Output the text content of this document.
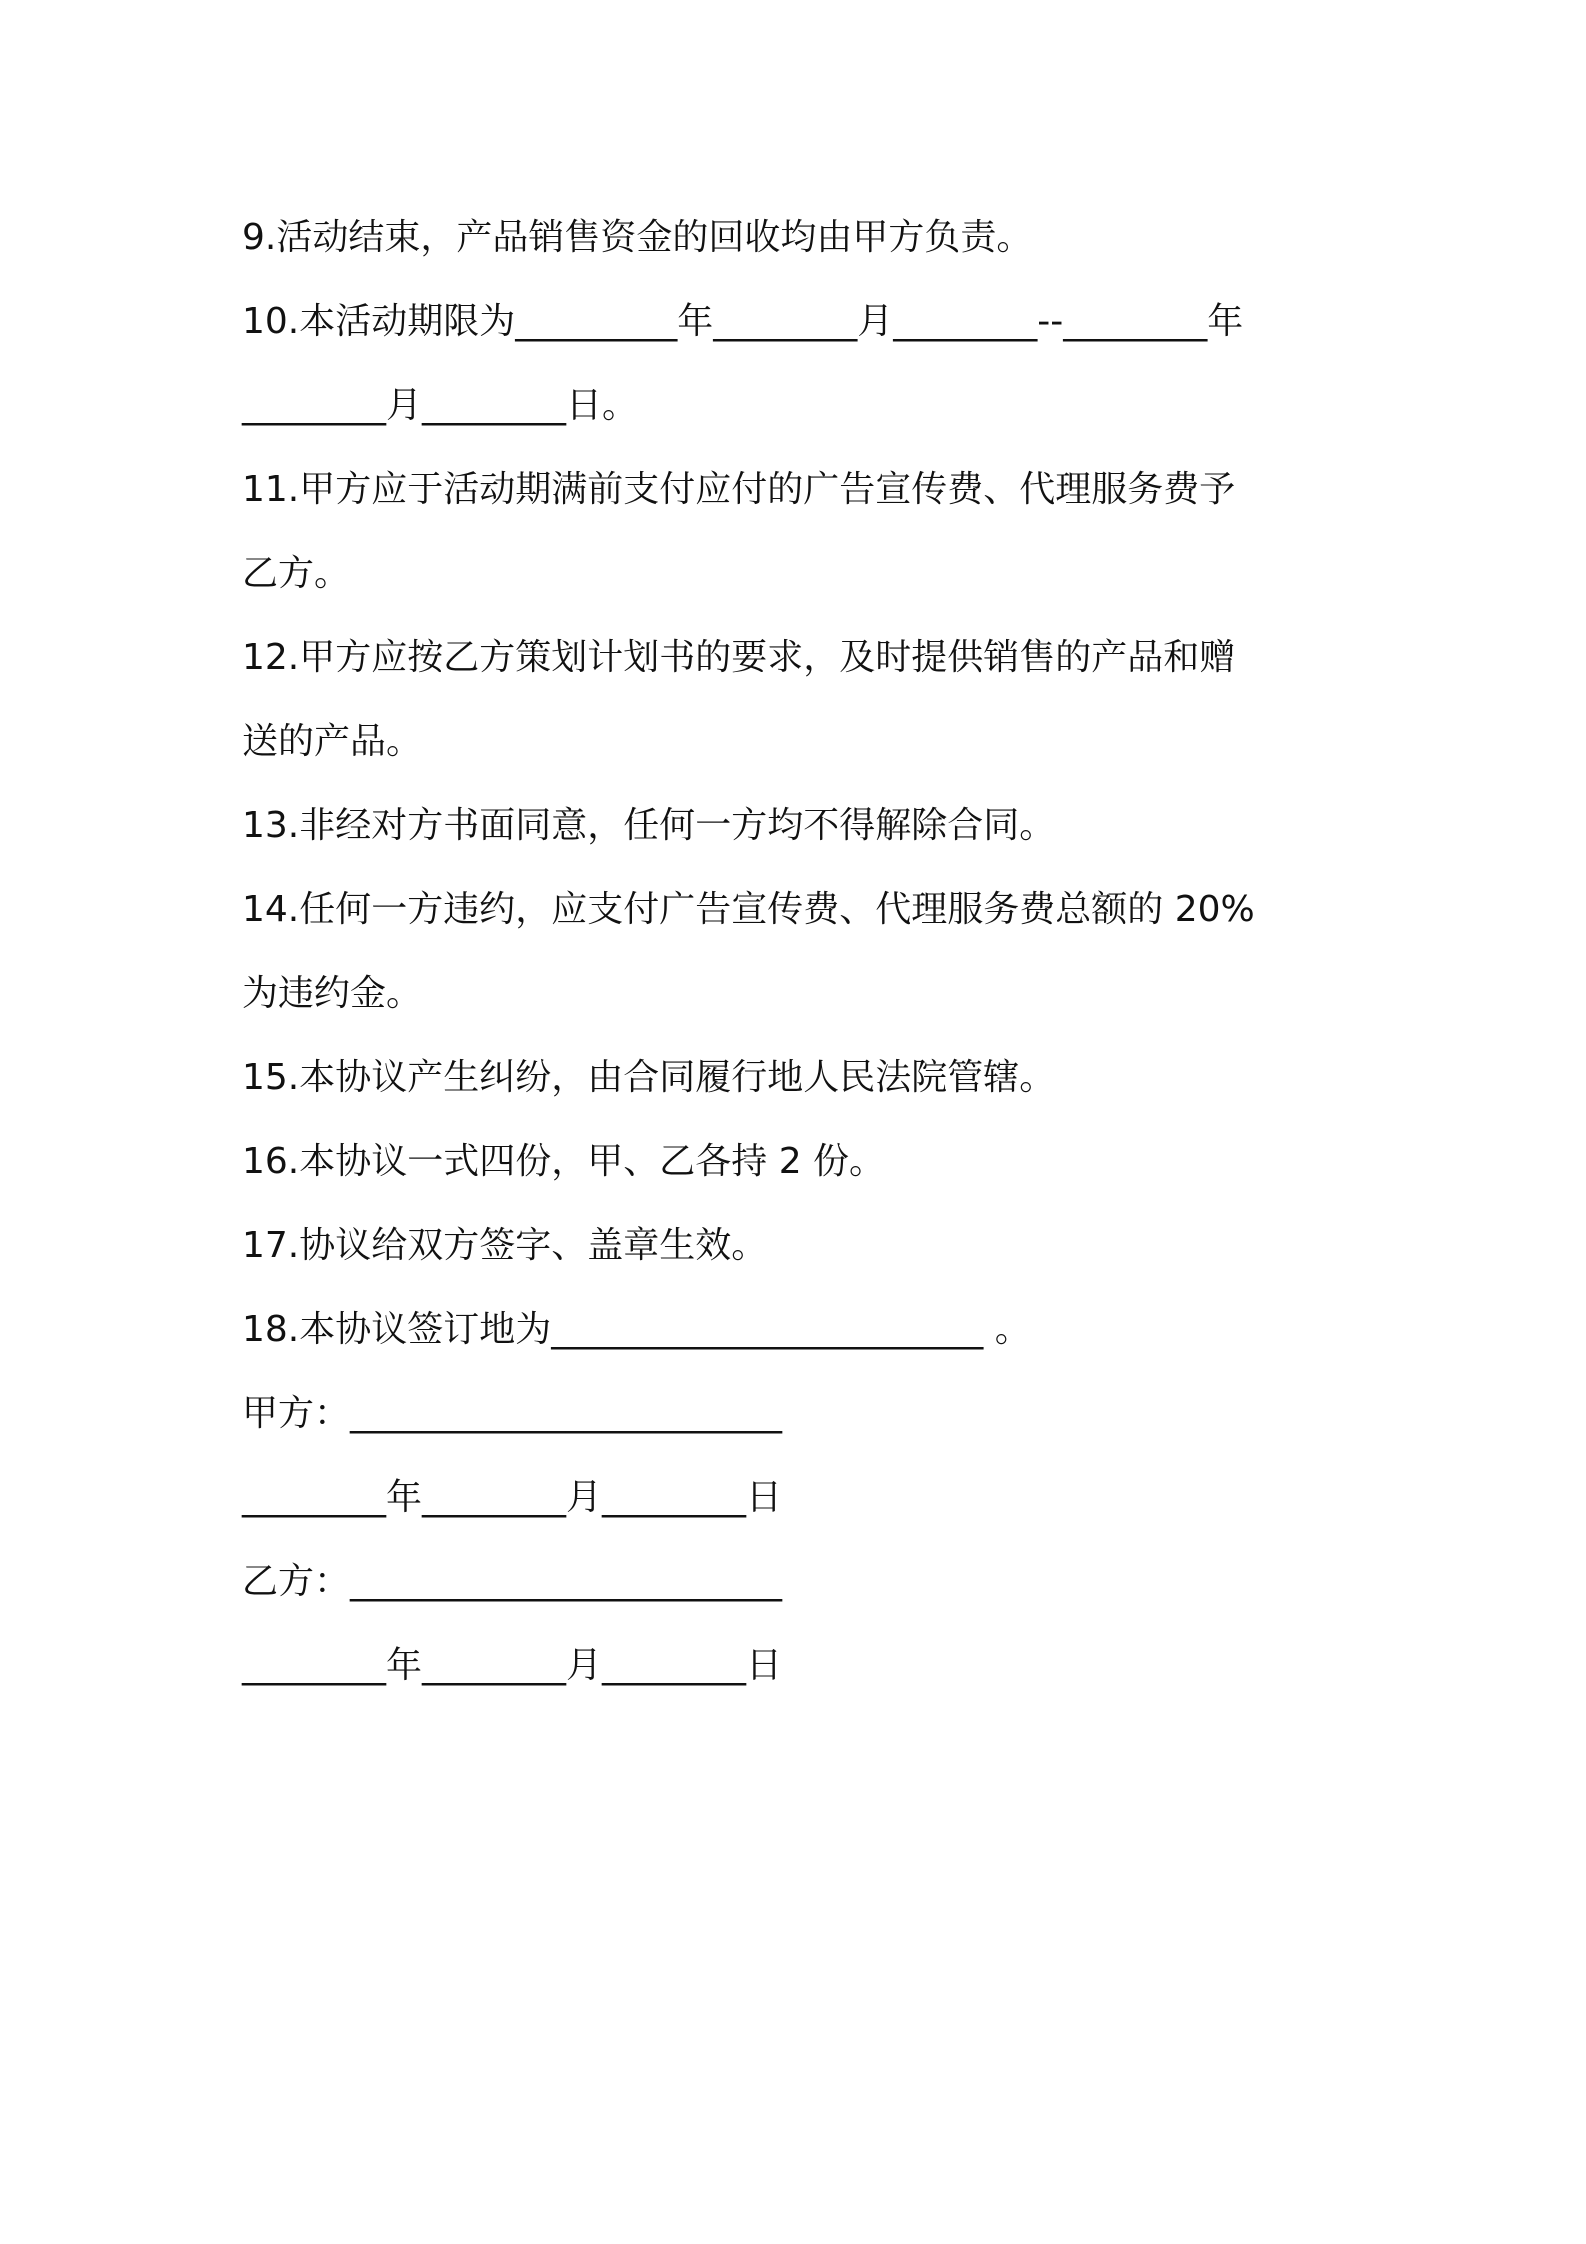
9.活动结束，产品销售资金的回收均由甲方负责。
10.本活动期限为_________年________月________--________年
________月________日。
11.甲方应于活动期满前支付应付的广告宣传费、代理服务费予
乙方。
12.甲方应按乙方策划计划书的要求，及时提供销售的产品和赠
送的产品。
13.非经对方书面同意，任何一方均不得解除合同。
14.任何一方违约，应支付广告宣传费、代理服务费总额的 20%
为违约金。
15.本协议产生纠纷，由合同履行地人民法院管辖。
16.本协议一式四份，甲、乙各持 2 份。
17.协议给双方签字、盖章生效。
18.本协议签订地为________________________ 。
甲方：________________________
________年________月________日
乙方：________________________
________年________月________日
